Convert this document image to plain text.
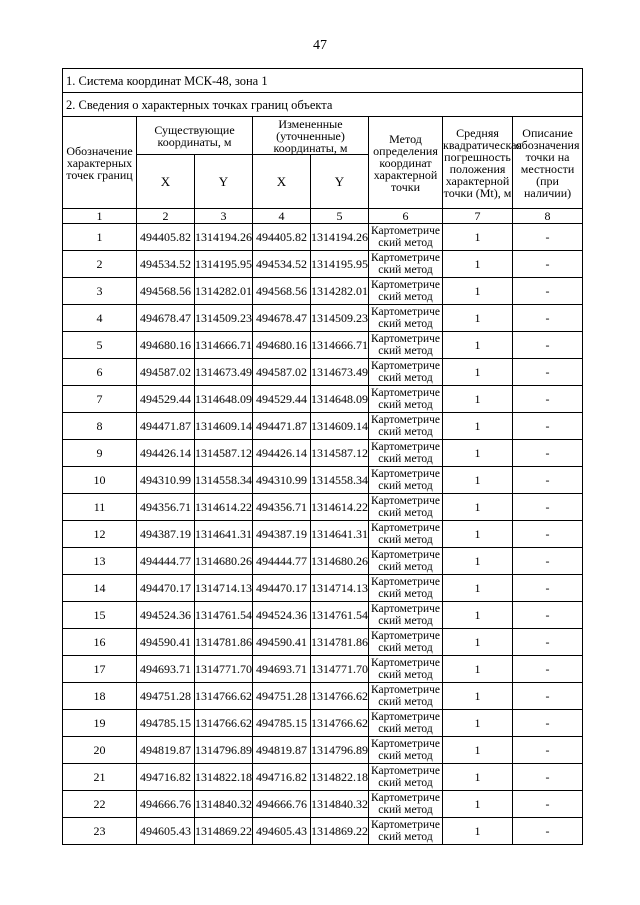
47
1. Система координат МСК-48, зона 1							
2. Сведения о характерных точках границ объекта							
Обозначение характерных точек границ	Существующие координаты, м		Измененные (уточненные) координаты, м		Метод определения координат характерной точки	Средняя квадратическая погрешность положения характерной точки (Mt), м	Описание обозначения точки на местности (при наличии)
	X	Y	X	Y			
1	2	3	4	5	6	7	8
1	494405.82	1314194.26	494405.82	1314194.26	Картометрический метод	1	-
2	494534.52	1314195.95	494534.52	1314195.95	Картометрический метод	1	-
3	494568.56	1314282.01	494568.56	1314282.01	Картометрический метод	1	-
4	494678.47	1314509.23	494678.47	1314509.23	Картометрический метод	1	-
5	494680.16	1314666.71	494680.16	1314666.71	Картометрический метод	1	-
6	494587.02	1314673.49	494587.02	1314673.49	Картометрический метод	1	-
7	494529.44	1314648.09	494529.44	1314648.09	Картометрический метод	1	-
8	494471.87	1314609.14	494471.87	1314609.14	Картометрический метод	1	-
9	494426.14	1314587.12	494426.14	1314587.12	Картометрический метод	1	-
10	494310.99	1314558.34	494310.99	1314558.34	Картометрический метод	1	-
11	494356.71	1314614.22	494356.71	1314614.22	Картометрический метод	1	-
12	494387.19	1314641.31	494387.19	1314641.31	Картометрический метод	1	-
13	494444.77	1314680.26	494444.77	1314680.26	Картометрический метод	1	-
14	494470.17	1314714.13	494470.17	1314714.13	Картометрический метод	1	-
15	494524.36	1314761.54	494524.36	1314761.54	Картометрический метод	1	-
16	494590.41	1314781.86	494590.41	1314781.86	Картометрический метод	1	-
17	494693.71	1314771.70	494693.71	1314771.70	Картометрический метод	1	-
18	494751.28	1314766.62	494751.28	1314766.62	Картометрический метод	1	-
19	494785.15	1314766.62	494785.15	1314766.62	Картометрический метод	1	-
20	494819.87	1314796.89	494819.87	1314796.89	Картометрический метод	1	-
21	494716.82	1314822.18	494716.82	1314822.18	Картометрический метод	1	-
22	494666.76	1314840.32	494666.76	1314840.32	Картометрический метод	1	-
23	494605.43	1314869.22	494605.43	1314869.22	Картометрический метод	1	-
